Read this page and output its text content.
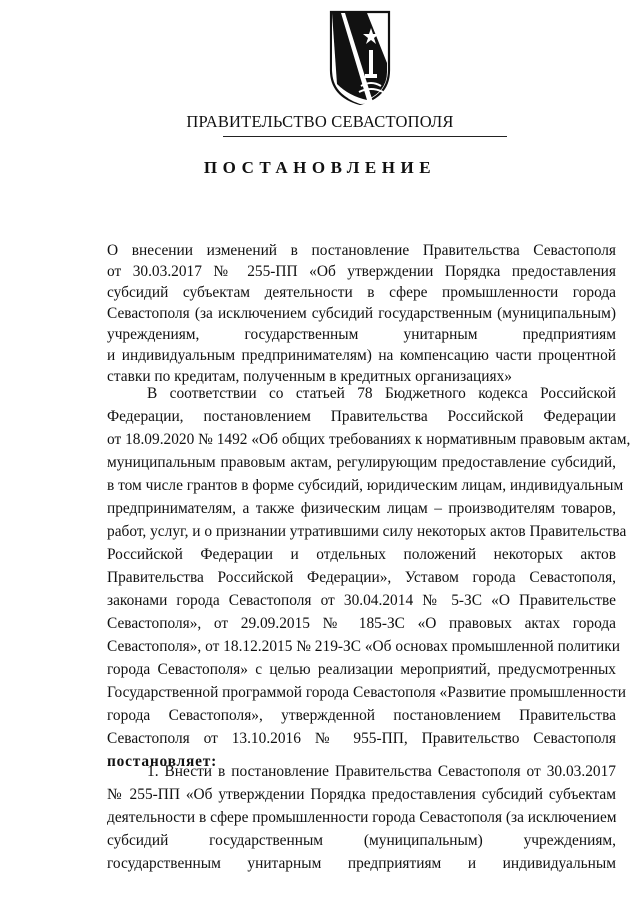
ПРАВИТЕЛЬСТВО СЕВАСТОПОЛЯ
ПОСТАНОВЛЕНИЕ
О внесении изменений в постановление Правительства Севастополя
от 30.03.2017 № 255-ПП «Об утверждении Порядка предоставления
субсидий субъектам деятельности в сфере промышленности города
Севастополя (за исключением субсидий государственным (муниципальным)
учреждениям, государственным унитарным предприятиям
и индивидуальным предпринимателям) на компенсацию части процентной
ставки по кредитам, полученным в кредитных организациях»
В соответствии со статьей 78 Бюджетного кодекса Российской
Федерации, постановлением Правительства Российской Федерации
от 18.09.2020 № 1492 «Об общих требованиях к нормативным правовым актам,
муниципальным правовым актам, регулирующим предоставление субсидий,
в том числе грантов в форме субсидий, юридическим лицам, индивидуальным
предпринимателям, а также физическим лицам – производителям товаров,
работ, услуг, и о признании утратившими силу некоторых актов Правительства
Российской Федерации и отдельных положений некоторых актов
Правительства Российской Федерации», Уставом города Севастополя,
законами города Севастополя от 30.04.2014 № 5-ЗС «О Правительстве
Севастополя», от 29.09.2015 № 185-ЗС «О правовых актах города
Севастополя», от 18.12.2015 № 219-ЗС «Об основах промышленной политики
города Севастополя» с целью реализации мероприятий, предусмотренных
Государственной программой города Севастополя «Развитие промышленности
города Севастополя», утвержденной постановлением Правительства
Севастополя от 13.10.2016 № 955-ПП, Правительство Севастополя
постановляет:
1. Внести в постановление Правительства Севастополя от 30.03.2017
№ 255-ПП «Об утверждении Порядка предоставления субсидий субъектам
деятельности в сфере промышленности города Севастополя (за исключением
субсидий государственным (муниципальным) учреждениям,
государственным унитарным предприятиям и индивидуальным
